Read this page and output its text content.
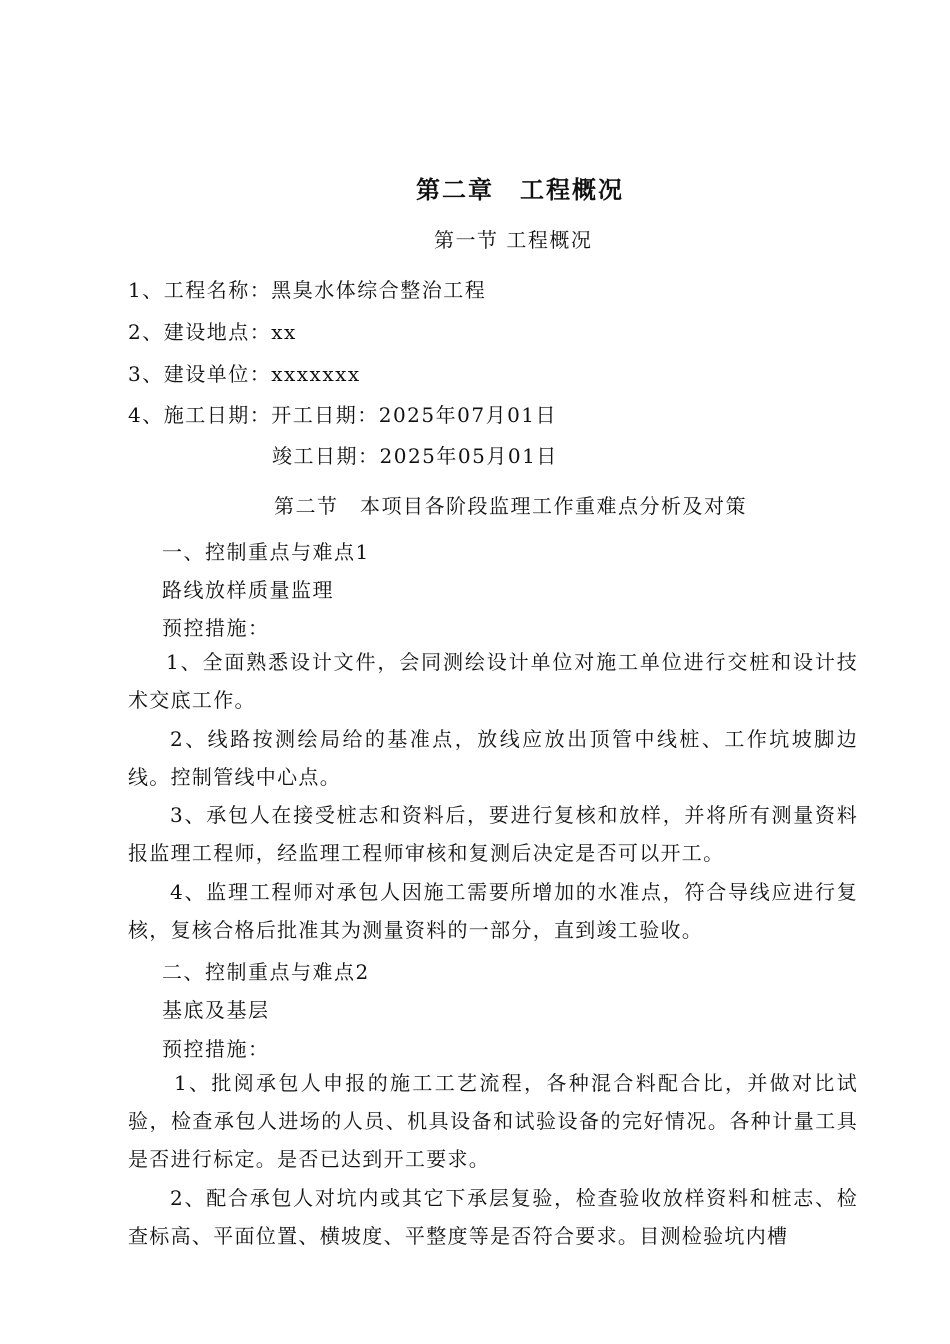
第二章　工程概况
第一节 工程概况
1、工程名称：黑臭水体综合整治工程
2、建设地点：xx
3、建设单位：xxxxxxx
4、施工日期：开工日期：2025年07月01日
竣工日期：2025年05月01日
第二节　本项目各阶段监理工作重难点分析及对策
一、控制重点与难点1
路线放样质量监理
预控措施：
1、全面熟悉设计文件，会同测绘设计单位对施工单位进行交桩和设计技术交底工作。
2、线路按测绘局给的基准点，放线应放出顶管中线桩、工作坑坡脚边线。控制管线中心点。
3、承包人在接受桩志和资料后，要进行复核和放样，并将所有测量资料报监理工程师，经监理工程师审核和复测后决定是否可以开工。
4、监理工程师对承包人因施工需要所增加的水准点，符合导线应进行复核，复核合格后批准其为测量资料的一部分，直到竣工验收。
二、控制重点与难点2
基底及基层
预控措施：
1、批阅承包人申报的施工工艺流程，各种混合料配合比，并做对比试验，检查承包人进场的人员、机具设备和试验设备的完好情况。各种计量工具是否进行标定。是否已达到开工要求。
2、配合承包人对坑内或其它下承层复验，检查验收放样资料和桩志、检查标高、平面位置、横坡度、平整度等是否符合要求。目测检验坑内槽
